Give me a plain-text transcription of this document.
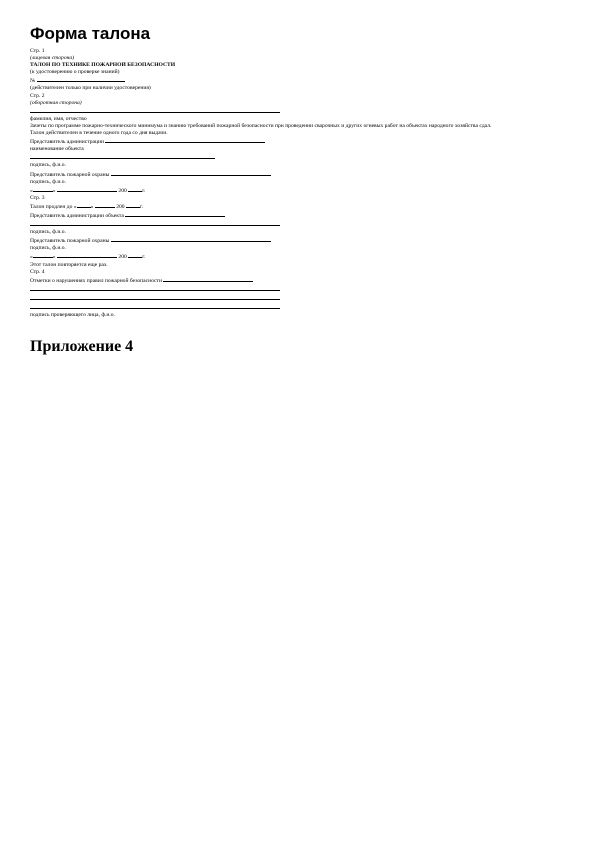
Форма талона
Стр. 1
(лицевая сторона)
ТАЛОН ПО ТЕХНИКЕ ПОЖАРНОЙ БЕЗОПАСНОСТИ
(к удостоверению о проверке знаний)
№
(действителен только при наличии удостоверения)
Стр. 2
(оборотная сторона)
фамилия, имя, отчество
Зачеты по программе пожарно-технического минимума и знанию требований пожарной безопасности при проведении сварочных и других огневых работ на объектах народного хозяйства сдал.
Талон действителен в течение одного года со дня выдачи.
Представитель администрации
наименование объекта
подпись, ф.и.о.
Представитель пожарной охраны
подпись, ф.и.о.
«	»	200	г.
Стр. 3
Талон продлен до «	»	200	г.
Представитель администрации объекта
подпись, ф.и.о.
Представитель пожарной охраны
подпись, ф.и.о.
«	»	200	г.
Этот талон повторяется еще раз.
Стр. 4
Отметки о нарушениях правил пожарной безопасности
подпись проверяющего лица, ф.и.о.
Приложение 4
